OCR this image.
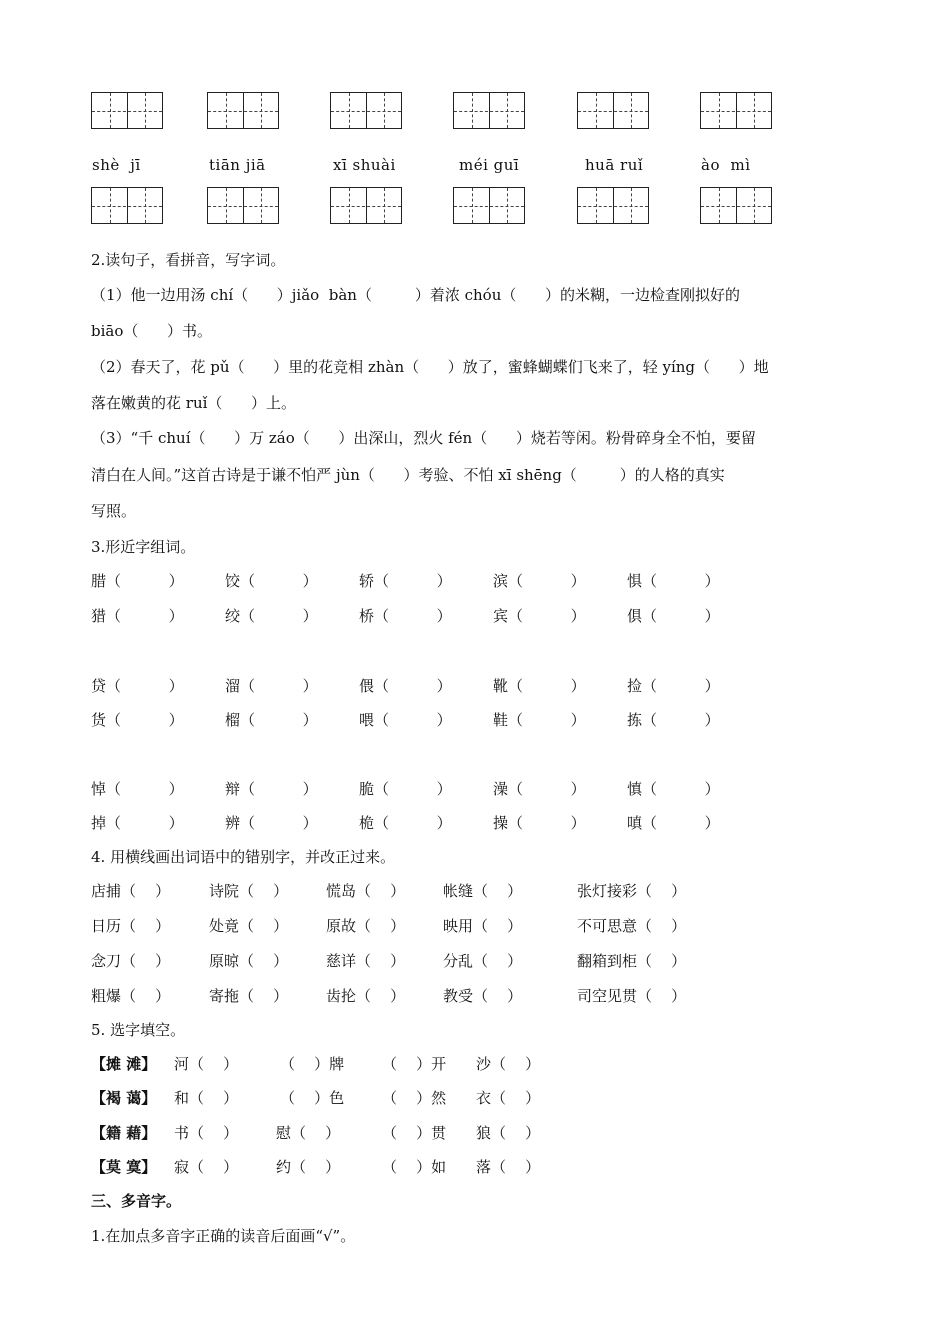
shè  jī	tiān jiā	xī shuài	méi guī	huā ruǐ	ào  mì
2.读句子，看拼音，写字词。
（1）他一边用汤 chí（      ）jiǎo  bàn（         ）着浓 chóu（      ）的米糊，一边检查刚拟好的
biāo（      ）书。
（2）春天了，花 pǔ（      ）里的花竞相 zhàn（      ）放了，蜜蜂蝴蝶们飞来了，轻 yíng（      ）地
落在嫩黄的花 ruǐ（      ）上。
（3）“千 chuí（      ）万 záo（      ）出深山，烈火 fén（      ）烧若等闲。粉骨碎身全不怕，要留
清白在人间。”这首古诗是于谦不怕严 jùn（      ）考验、不怕 xī shēng（         ）的人格的真实
写照。
3.形近字组词。
腊（          ）	饺（          ）	轿（          ）	滨（          ）	惧（          ）
猎（          ）	绞（          ）	桥（          ）	宾（          ）	俱（          ）
贷（          ）	溜（          ）	偎（          ）	靴（          ）	捡（          ）
货（          ）	榴（          ）	喂（          ）	鞋（          ）	拣（          ）
悼（          ）	辩（          ）	脆（          ）	澡（          ）	慎（          ）
掉（          ）	辨（          ）	桅（          ）	操（          ）	嗔（          ）
4. 用横线画出词语中的错别字，并改正过来。
店捕（    ）	诗院（    ）	慌岛（    ）	帐缝（    ）	张灯接彩（    ）
日历（    ）	处竟（    ）	原故（    ）	映用（    ）	不可思意（    ）
念刀（    ）	原晾（    ）	慈详（    ）	分乱（    ）	翻箱到柜（    ）
粗爆（    ）	寄拖（    ）	齿抡（    ）	教受（    ）	司空见贯（    ）
5. 选字填空。
【摊 滩】 河（    ）	（    ）牌	（    ）开 沙（    ）
【褐 蔼】 和（    ）	（    ）色	（    ）然 衣（    ）
【籍 藉】 书（    ）	慰（    ）	（    ）贯 狼（    ）
【莫 寞】 寂（    ）	约（    ）	（    ）如 落（    ）
三、多音字。
1.在加点多音字正确的读音后面画“√”。
